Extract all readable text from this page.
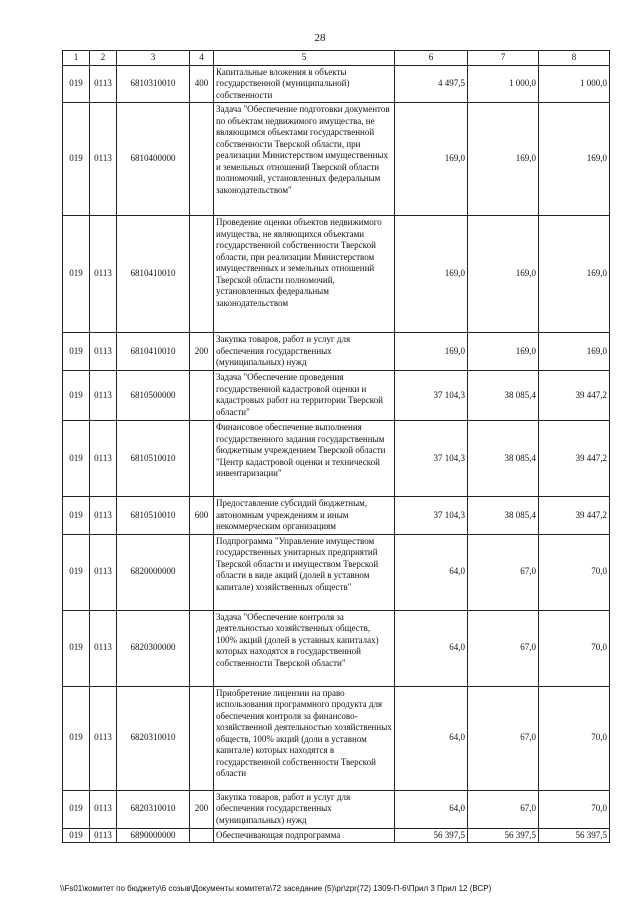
28
1	2	3	4	5	6	7	8
019	0113	6810310010	400	Капитальные вложения в объекты государственной (муниципальной) собственности	4 497,5	1 000,0	1 000,0
019	0113	6810400000		Задача "Обеспечение подготовки документов по объектам недвижимого имущества, не являющимся объектами государственной собственности Тверской области, при реализации Министерством имущественных и земельных отношений Тверской области полномочий, установленных федеральным законодательством"	169,0	169,0	169,0
019	0113	6810410010		Проведение оценки объектов недвижимого имущества, не являющихся объектами государственной собственности Тверской области, при реализации Министерством имущественных и земельных отношений Тверской области полномочий, установленных федеральным законодательством	169,0	169,0	169,0
019	0113	6810410010	200	Закупка товаров, работ и услуг для обеспечения государственных (муниципальных) нужд	169,0	169,0	169,0
019	0113	6810500000		Задача "Обеспечение проведения государственной кадастровой оценки и кадастровых работ на территории Тверской области"	37 104,3	38 085,4	39 447,2
019	0113	6810510010		Финансовое обеспечение выполнения государственного задания государственным бюджетным учреждением Тверской области "Центр кадастровой оценки и технической инвентаризации"	37 104,3	38 085,4	39 447,2
019	0113	6810510010	600	Предоставление субсидий бюджетным, автономным учреждениям и иным некоммерческим организациям	37 104,3	38 085,4	39 447,2
019	0113	6820000000		Подпрограмма "Управление имуществом государственных унитарных предприятий Тверской области и имуществом Тверской области в виде акций (долей в уставном капитале) хозяйственных обществ"	64,0	67,0	70,0
019	0113	6820300000		Задача "Обеспечение контроля за деятельностью хозяйственных обществ, 100% акций (долей в уставных капиталах) которых находятся в государственной собственности Тверской области"	64,0	67,0	70,0
019	0113	6820310010		Приобретение лицензии на право использования программного продукта для обеспечения контроля за финансово-хозяйственной деятельностью хозяйственных обществ, 100% акций (доли в уставном капитале) которых находятся в государственной собственности Тверской области	64,0	67,0	70,0
019	0113	6820310010	200	Закупка товаров, работ и услуг для обеспечения государственных (муниципальных) нужд	64,0	67,0	70,0
019	0113	6890000000		Обеспечивающая подпрограмма	56 397,5	56 397,5	56 397,5
\\Fs01\комитет по бюджету\6 созыв\Документы комитета\72 заседание (5)\pr\zpr(72) 1309-П-6\Прил 3 Прил 12 (ВСР)
